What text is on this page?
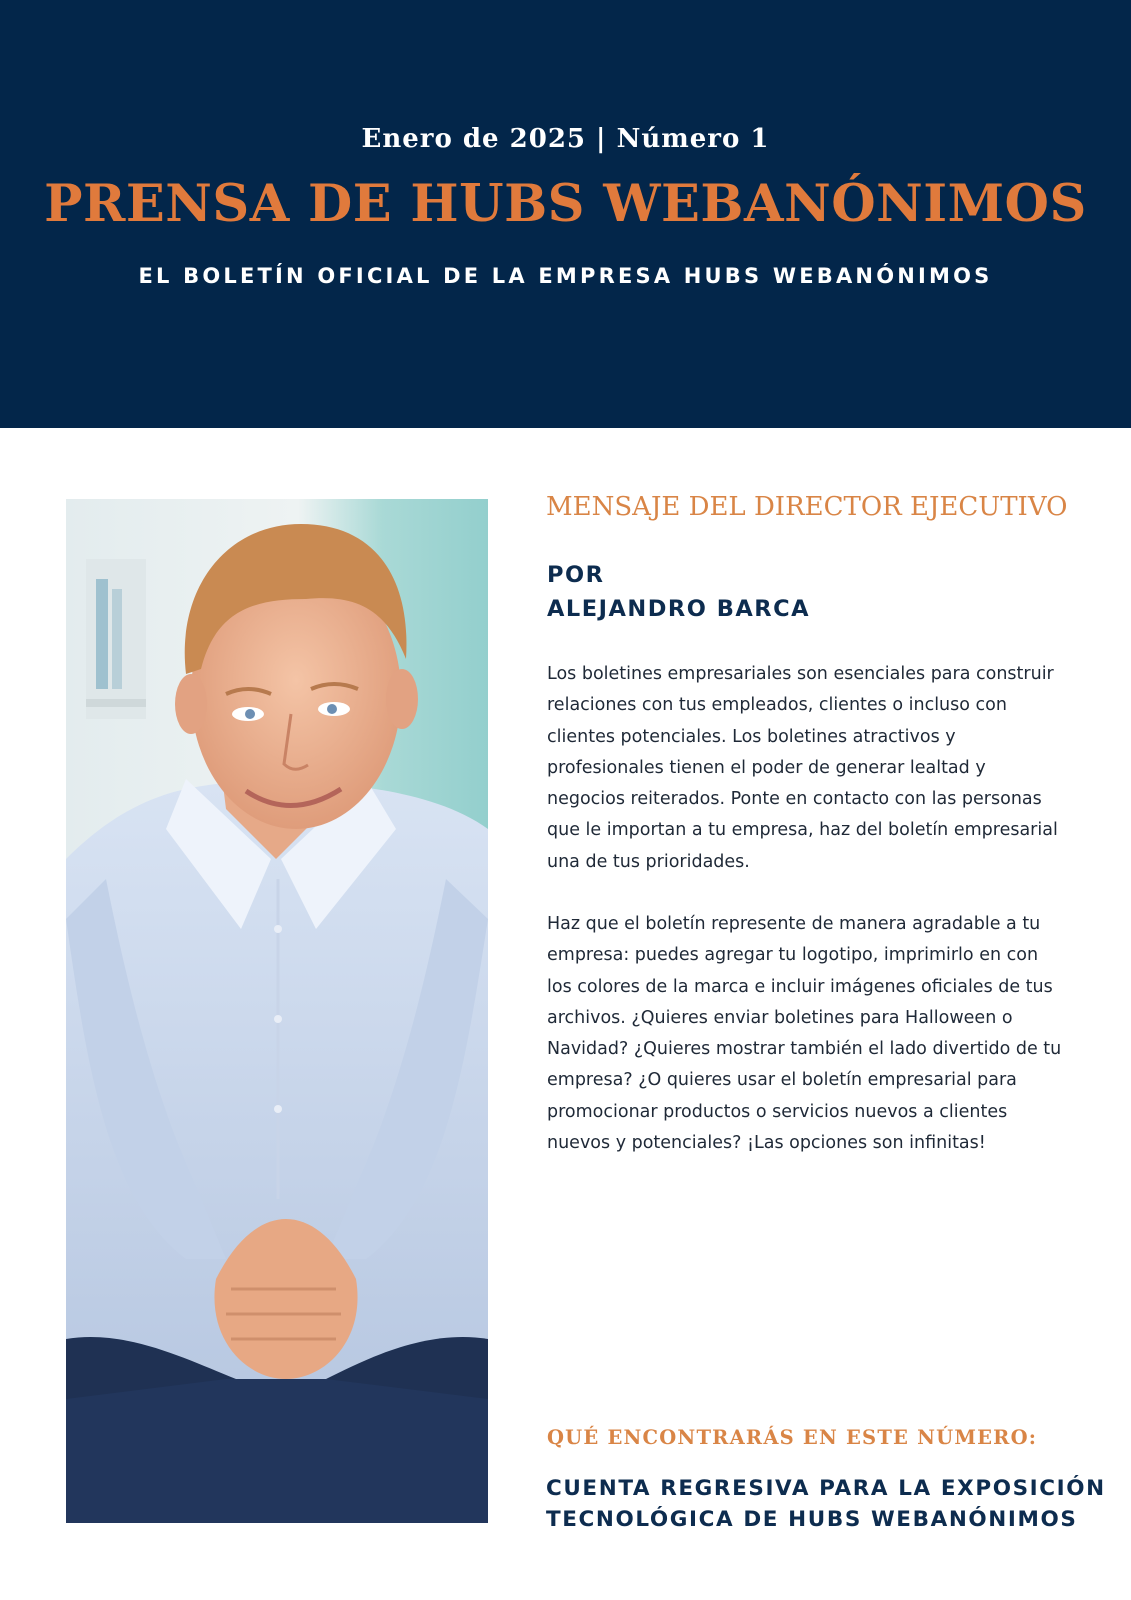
Enero de 2025 | Número 1
PRENSA DE HUBS WEBANÓNIMOS
EL BOLETÍN OFICIAL DE LA EMPRESA HUBS WEBANÓNIMOS
MENSAJE DEL DIRECTOR EJECUTIVO
POR
ALEJANDRO BARCA
Los boletines empresariales son esenciales para construir
relaciones con tus empleados, clientes o incluso con
clientes potenciales. Los boletines atractivos y
profesionales tienen el poder de generar lealtad y
negocios reiterados. Ponte en contacto con las personas
que le importan a tu empresa, haz del boletín empresarial
una de tus prioridades.
Haz que el boletín represente de manera agradable a tu
empresa: puedes agregar tu logotipo, imprimirlo en con
los colores de la marca e incluir imágenes oficiales de tus
archivos. ¿Quieres enviar boletines para Halloween o
Navidad? ¿Quieres mostrar también el lado divertido de tu
empresa? ¿O quieres usar el boletín empresarial para
promocionar productos o servicios nuevos a clientes
nuevos y potenciales? ¡Las opciones son infinitas!
QUÉ ENCONTRARÁS EN ESTE NÚMERO:
CUENTA REGRESIVA PARA LA EXPOSICIÓN
TECNOLÓGICA DE HUBS WEBANÓNIMOS
